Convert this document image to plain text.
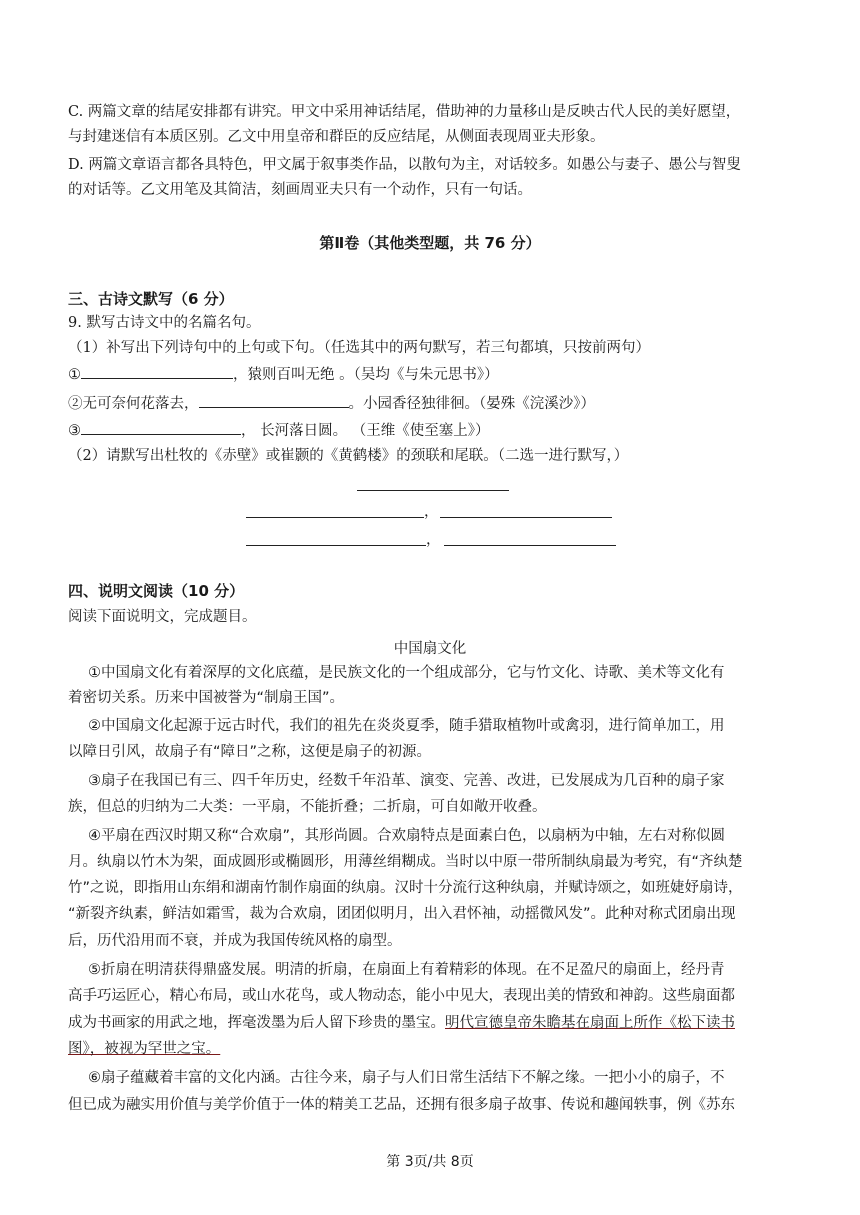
C. 两篇文章的结尾安排都有讲究。甲文中采用神话结尾，借助神的力量移山是反映古代人民的美好愿望，
与封建迷信有本质区别。乙文中用皇帝和群臣的反应结尾，从侧面表现周亚夫形象。
D. 两篇文章语言都各具特色，甲文属于叙事类作品，以散句为主，对话较多。如愚公与妻子、愚公与智叟
的对话等。乙文用笔及其简洁，刻画周亚夫只有一个动作，只有一句话。
第Ⅱ卷（其他类型题，共 76 分）
三、古诗文默写（6 分）
9. 默写古诗文中的名篇名句。
（1）补写出下列诗句中的上句或下句。（任选其中的两句默写，若三句都填，只按前两句）
①	，猿则百叫无绝 。（吴均《与朱元思书》）
②无可奈何花落去，	。小园香径独徘徊。（晏殊《浣溪沙》）
③	， 长河落日圆。 （王维《使至塞上》）
（2）请默写出杜牧的《赤壁》或崔颢的《黄鹤楼》的颈联和尾联。（二选一进行默写，）
，
，
四、说明文阅读（10 分）
阅读下面说明文，完成题目。
中国扇文化
①中国扇文化有着深厚的文化底蕴，是民族文化的一个组成部分，它与竹文化、诗歌、美术等文化有
着密切关系。历来中国被誉为“制扇王国”。
②中国扇文化起源于远古时代，我们的祖先在炎炎夏季，随手猎取植物叶或禽羽，进行简单加工，用
以障日引风，故扇子有“障日”之称，这便是扇子的初源。
③扇子在我国已有三、四千年历史，经数千年沿革、演变、完善、改进，已发展成为几百种的扇子家
族，但总的归纳为二大类：一平扇，不能折叠；二折扇，可自如敞开收叠。
④平扇在西汉时期又称“合欢扇”，其形尚圆。合欢扇特点是面素白色，以扇柄为中轴，左右对称似圆
月。纨扇以竹木为架，面成圆形或椭圆形，用薄丝绢糊成。当时以中原一带所制纨扇最为考究，有“齐纨楚
竹”之说，即指用山东绢和湖南竹制作扇面的纨扇。汉时十分流行这种纨扇，并赋诗颂之，如班婕妤扇诗，
“新裂齐纨素，鲜洁如霜雪，裁为合欢扇，团团似明月，出入君怀袖，动摇微风发”。此种对称式团扇出现
后，历代沿用而不衰，并成为我国传统风格的扇型。
⑤折扇在明清获得鼎盛发展。明清的折扇，在扇面上有着精彩的体现。在不足盈尺的扇面上，经丹青
高手巧运匠心，精心布局，或山水花鸟，或人物动态，能小中见大，表现出美的情致和神韵。这些扇面都
成为书画家的用武之地，挥毫泼墨为后人留下珍贵的墨宝。明代宣德皇帝朱瞻基在扇面上所作《松下读书
图》，被视为罕世之宝。
⑥扇子蕴藏着丰富的文化内涵。古往今来，扇子与人们日常生活结下不解之缘。一把小小的扇子，不
但已成为融实用价值与美学价值于一体的精美工艺品，还拥有很多扇子故事、传说和趣闻轶事，例《苏东
第 3页/共 8页
